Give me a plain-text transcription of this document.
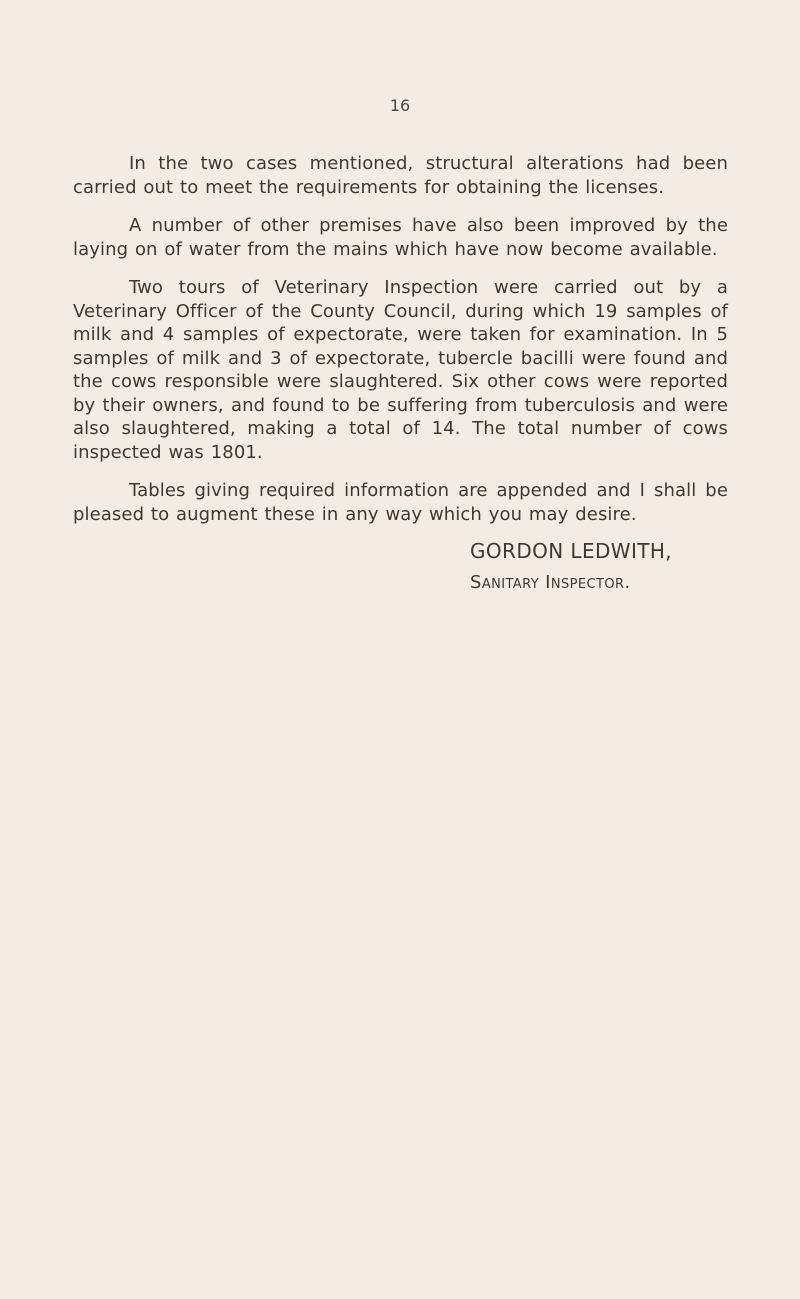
16

In the two cases mentioned, structural alterations had been carried out to meet the requirements for obtaining the licenses.

A number of other premises have also been improved by the laying on of water from the mains which have now become available.

Two tours of Veterinary Inspection were carried out by a Veterinary Officer of the County Council, during which 19 samples of milk and 4 samples of expectorate, were taken for examination. In 5 samples of milk and 3 of expectorate, tubercle bacilli were found and the cows responsible were slaughtered. Six other cows were reported by their owners, and found to be suffering from tuberculosis and were also slaughtered, making a total of 14. The total number of cows inspected was 1801.

Tables giving required information are appended and I shall be pleased to augment these in any way which you may desire.

GORDON LEDWITH,
Sanitary Inspector.
